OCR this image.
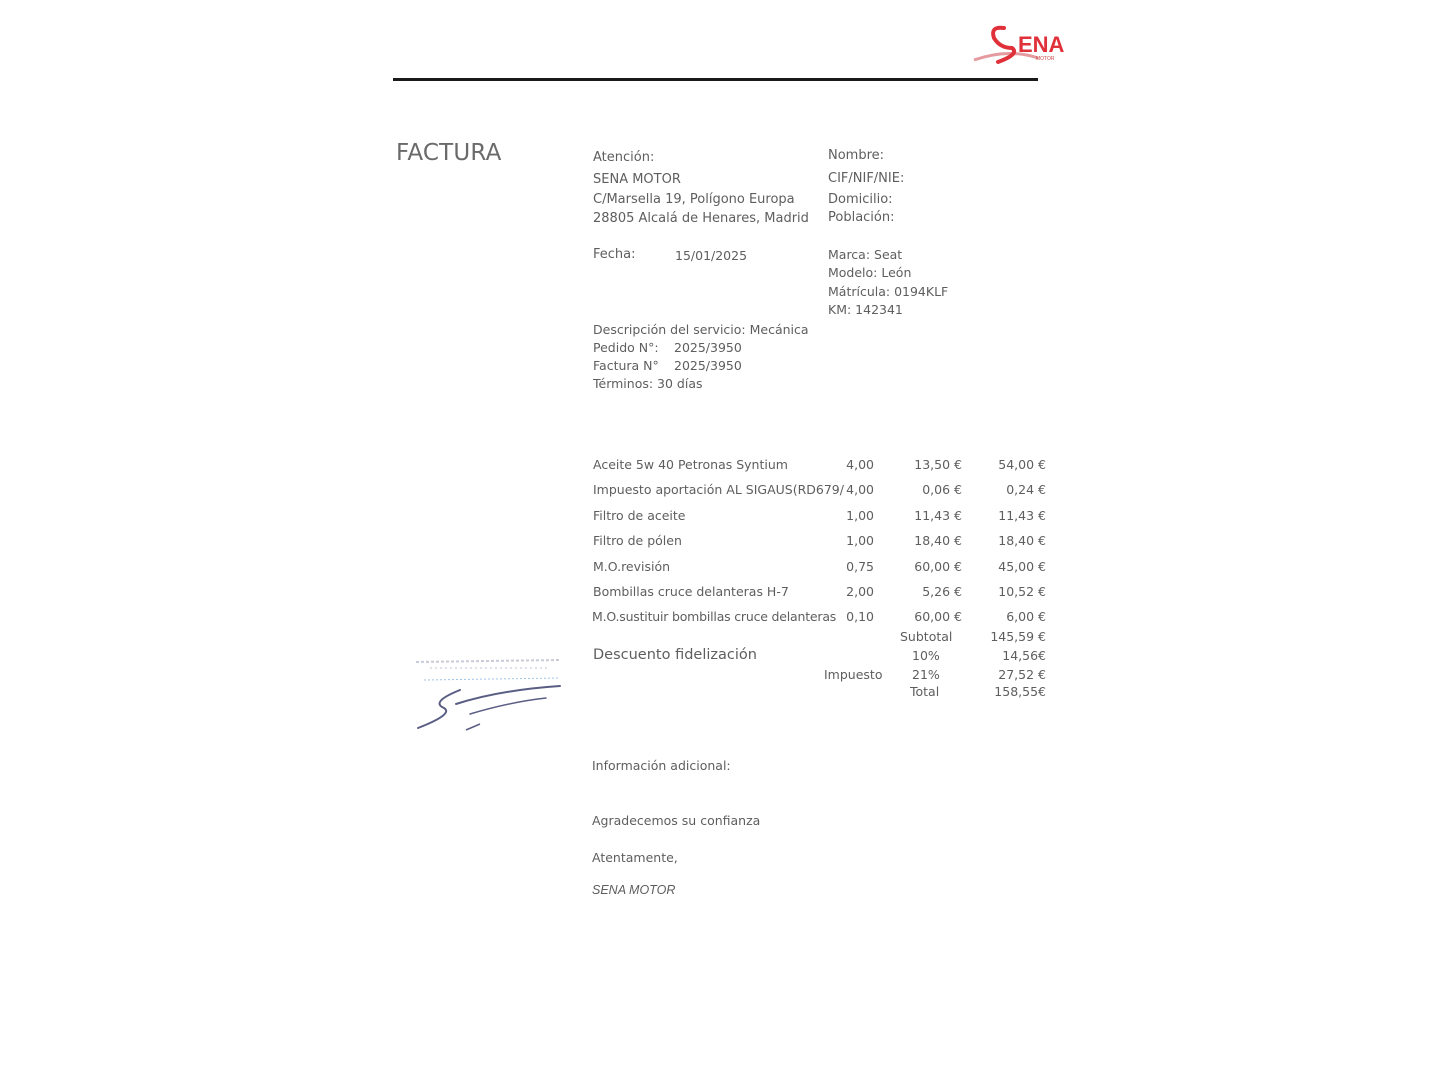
ENA
MOTOR
FACTURA	Atención:
SENA MOTOR
C/Marsella 19, Polígono Europa
28805 Alcalá de Henares, Madrid
Fecha:	15/01/2025
Nombre:
CIF/NIF/NIE:
Domicilio:
Población:
Marca: Seat
Modelo: León
Mátrícula: 0194KLF
KM: 142341
Descripción del servicio: Mecánica
Pedido N°: 2025/3950
Factura N° 2025/3950
Términos: 30 días
Aceite 5w 40 Petronas Syntium	4,00	13,50 €	54,00 €
Impuesto aportación AL SIGAUS(RD679/ 4,00	0,06 €	0,24 €
Filtro de aceite	1,00	11,43 €	11,43 €
Filtro de pólen	1,00	18,40 €	18,40 €
M.O.revisión	0,75	60,00 €	45,00 €
Bombillas cruce delanteras H-7	2,00	5,26 €	10,52 €
M.O.sustituir bombillas cruce delanteras 0,10	60,00 €	6,00 €
Subtotal	145,59 €
Descuento fidelización	10%	14,56€
Impuesto 21%	27,52 €
Total	158,55€
Información adicional:
Agradecemos su confianza
Atentamente,
SENA MOTOR
